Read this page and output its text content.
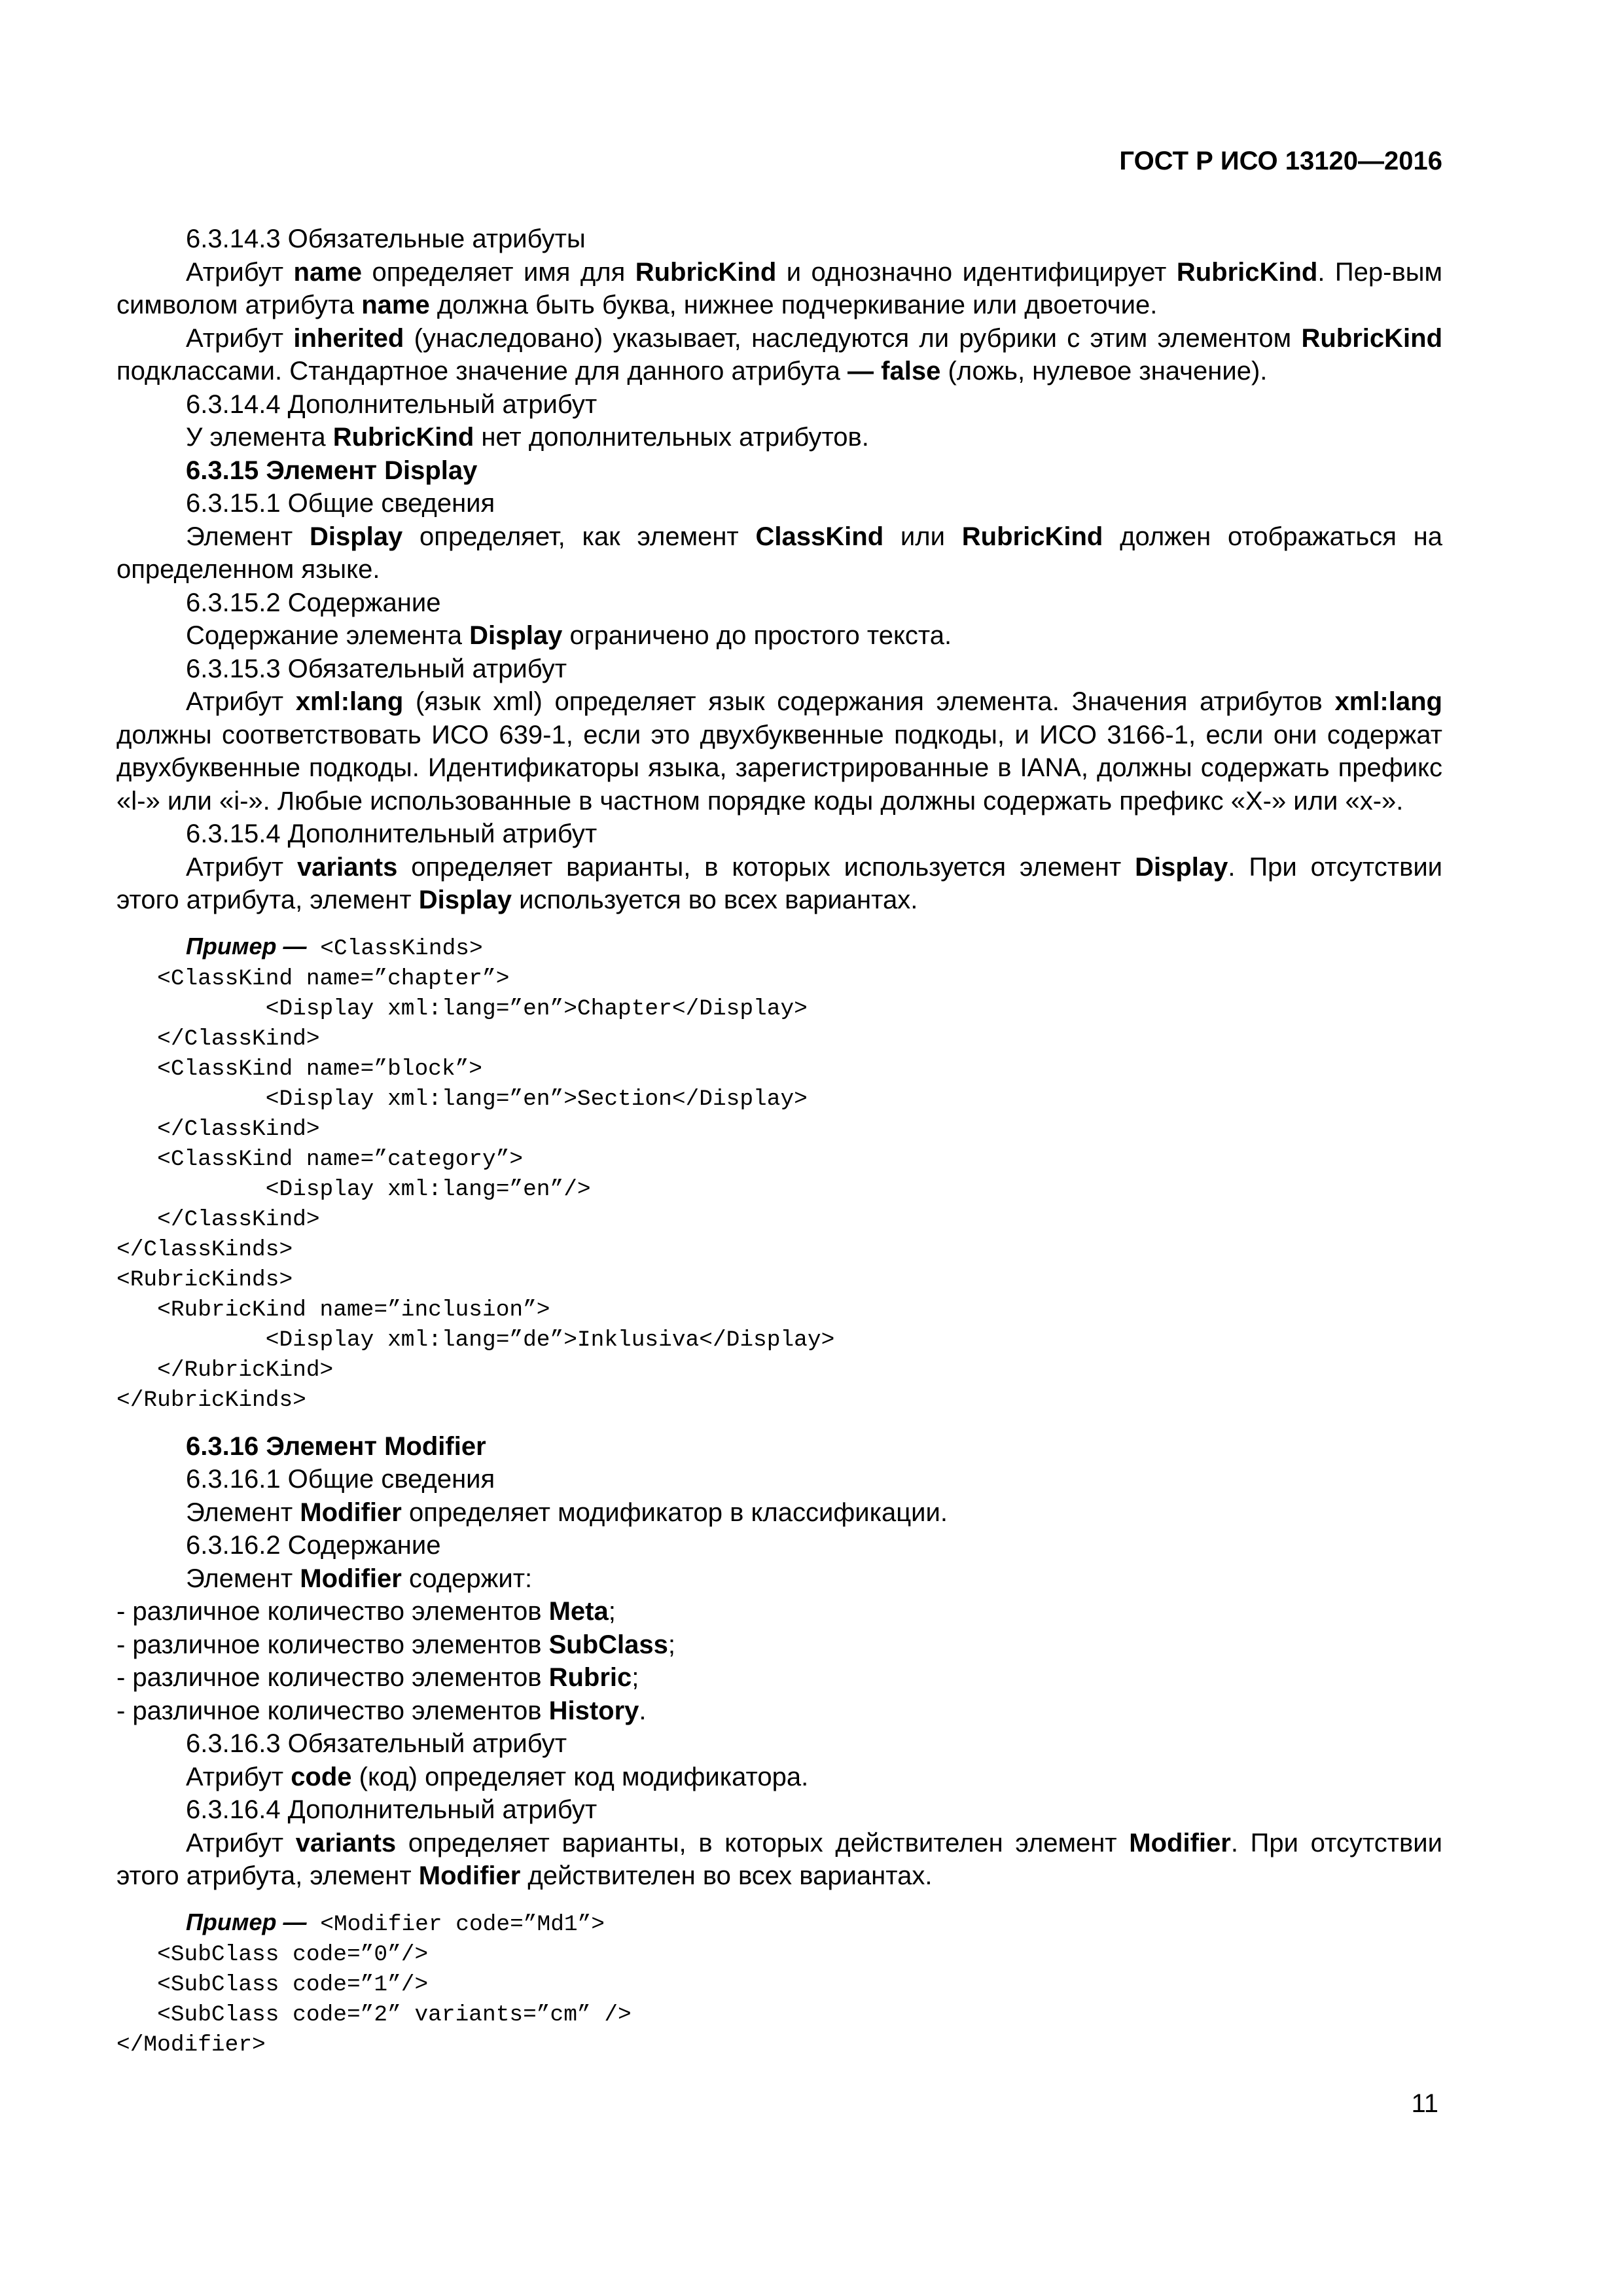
ГОСТ Р ИСО 13120—2016

6.3.14.3 Обязательные атрибуты

Атрибут name определяет имя для RubricKind и однозначно идентифицирует RubricKind. Пер-вым символом атрибута name должна быть буква, нижнее подчеркивание или двоеточие.

Атрибут inherited (унаследовано) указывает, наследуются ли рубрики с этим элементом RubricKind подклассами. Стандартное значение для данного атрибута — false (ложь, нулевое значение).

6.3.14.4 Дополнительный атрибут

У элемента RubricKind нет дополнительных атрибутов.

6.3.15 Элемент Display

6.3.15.1 Общие сведения

Элемент Display определяет, как элемент ClassKind или RubricKind должен отображаться на определенном языке.

6.3.15.2 Содержание

Содержание элемента Display ограничено до простого текста.

6.3.15.3 Обязательный атрибут

Атрибут xml:lang (язык xml) определяет язык содержания элемента. Значения атрибутов xml:lang должны соответствовать ИСО 639-1, если это двухбуквенные подкоды, и ИСО 3166-1, если они содержат двухбуквенные подкоды. Идентификаторы языка, зарегистрированные в IANA, должны содержать префикс «l-» или «i-». Любые использованные в частном порядке коды должны содержать префикс «X-» или «x-».

6.3.15.4 Дополнительный атрибут

Атрибут variants определяет варианты, в которых используется элемент Display. При отсутствии этого атрибута, элемент Display используется во всех вариантах.

Пример — <ClassKinds>
<ClassKind name=”chapter”>
<Display xml:lang=”en”>Chapter</Display>
</ClassKind>
<ClassKind name=”block”>
<Display xml:lang=”en”>Section</Display>
</ClassKind>
<ClassKind name=”category”>
<Display xml:lang=”en”/>
</ClassKind>
</ClassKinds>
<RubricKinds>
<RubricKind name=”inclusion”>
<Display xml:lang=”de”>Inklusiva</Display>
</RubricKind>
</RubricKinds>

6.3.16 Элемент Modifier

6.3.16.1 Общие сведения

Элемент Modifier определяет модификатор в классификации.

6.3.16.2 Содержание

Элемент Modifier содержит:

- различное количество элементов Meta;

- различное количество элементов SubClass;

- различное количество элементов Rubric;

- различное количество элементов History.

6.3.16.3 Обязательный атрибут

Атрибут code (код) определяет код модификатора.

6.3.16.4 Дополнительный атрибут

Атрибут variants определяет варианты, в которых действителен элемент Modifier. При отсутствии этого атрибута, элемент Modifier действителен во всех вариантах.

Пример — <Modifier code=”Md1”>
<SubClass code=”0”/>
<SubClass code=”1”/>
<SubClass code=”2” variants=”cm” />
</Modifier>
11
